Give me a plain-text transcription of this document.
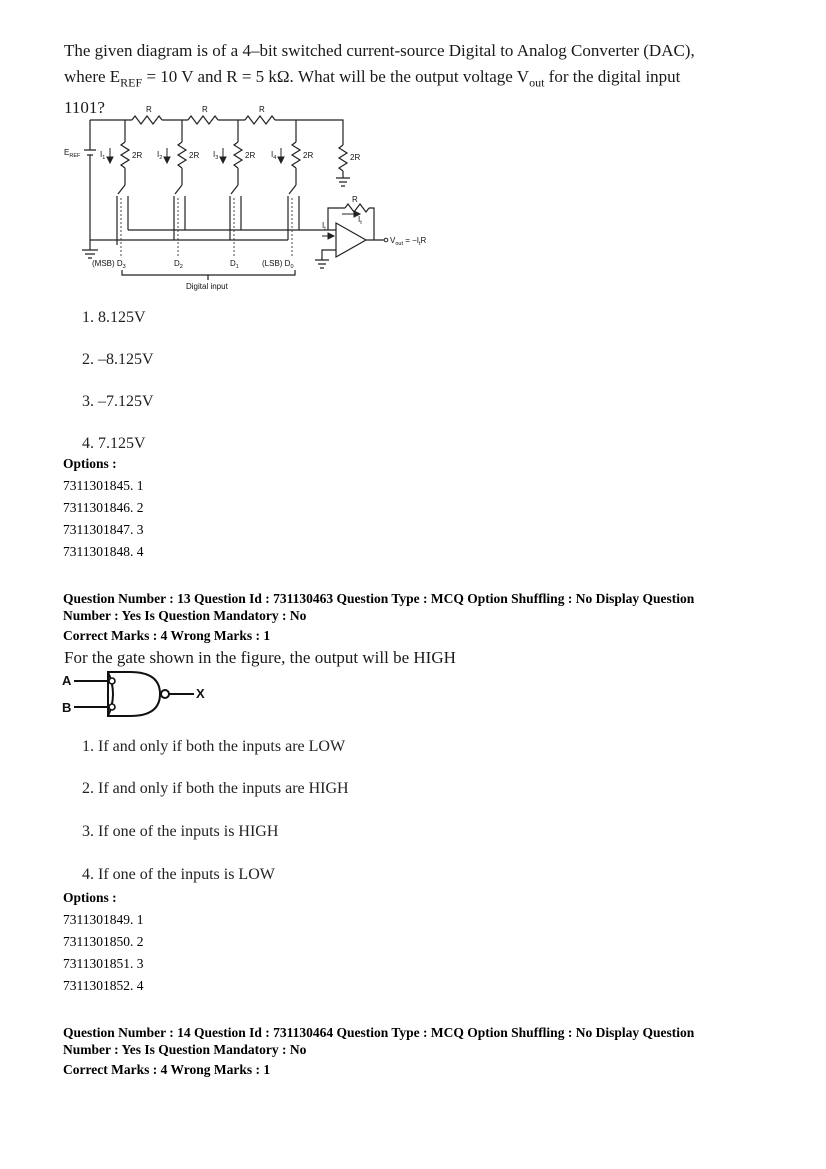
The given diagram is of a 4–bit switched current-source Digital to Analog Converter (DAC),
where $E_{REF} = 10$ V and R = 5 kΩ. What will be the output voltage $V_{out}$ for the digital input
1101?	R	R	R
R
2R	2R	2R	2R	2R
$E_{REF}$ $I_1$	$I_2$	$I_3$	$I_4$
$I_t$
$I_t$
$V_{out} = -I_tR$
(MSB) $D_3$	$D_2$	$D_1$	(LSB) $D_0$
Digital input
1. 8.125V
2. –8.125V
3. –7.125V
4. 7.125V
Options :
7311301845. 1
7311301846. 2
7311301847. 3
7311301848. 4
Question Number : 13 Question Id : 731130463 Question Type : MCQ Option Shuffling : No Display Question
Number : Yes Is Question Mandatory : No
Correct Marks : 4 Wrong Marks : 1
For the gate shown in the figure, the output will be HIGH
A
B
X
1. If and only if both the inputs are LOW
2. If and only if both the inputs are HIGH
3. If one of the inputs is HIGH
4. If one of the inputs is LOW
Options :
7311301849. 1
7311301850. 2
7311301851. 3
7311301852. 4
Question Number : 14 Question Id : 731130464 Question Type : MCQ Option Shuffling : No Display Question
Number : Yes Is Question Mandatory : No
Correct Marks : 4 Wrong Marks : 1
